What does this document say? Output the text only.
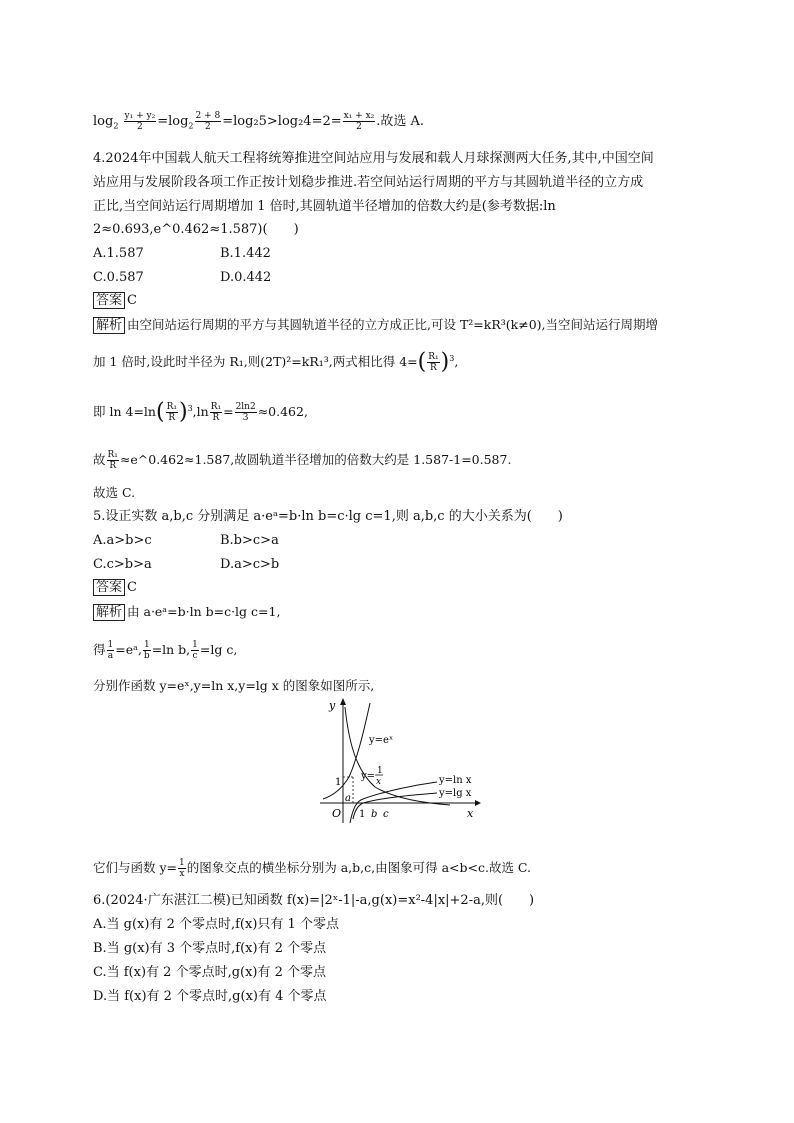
$\log_2 \frac{\text{y₁ + y₂}}{2} =\log_2 \frac{2 + 8}{2} =\log_25>\log_24=2= \frac{\text{x₁ + x₂}}{2}$ .故选 A.
4.2024年中国载人航天工程将统筹推进空间站应用与发展和载人月球探测两大任务,其中,中国空间
站应用与发展阶段各项工作正按计划稳步推进.若空间站运行周期的平方与其圆轨道半径的立方成
正比,当空间站运行周期增加 1 倍时,其圆轨道半径增加的倍数大约是(参考数据:ln
2≈0.693,e^0.462≈1.587)(　　)
A.1.587	B.1.442
C.0.587	D.0.442
答案 C
解析 由空间站运行周期的平方与其圆轨道半径的立方成正比,可设 T²=kR³(k≠0),当空间站运行周期增
加 1 倍时,设此时半径为 R₁,则(2T)²=kR₁³,两式相比得 $4=( \frac{\text{R₁}}{R} )^3$,
即 $\ln 4=\ln( \frac{\text{R₁}}{R} )^3,\ln \frac{\text{R₁}}{R} = \frac{2\ln 2}{3} \approx 0.462$,
故 $\frac{\text{R₁}}{R}$ ≈e^0.462≈1.587,故圆轨道半径增加的倍数大约是 1.587-1=0.587.
故选 C.
5.设正实数 a,b,c 分别满足 a·eᵃ=b·ln b=c·lg c=1,则 a,b,c 的大小关系为(　　)
A.a>b>c	B.b>c>a
C.c>b>a	D.a>c>b
答案 C
解析 由 a·eᵃ=b·ln b=c·lg c=1,
得 $\frac{1}{a}$ =eᵃ, $\frac{1}{b} =\ln$ b, $\frac{1}{c} =\lg$ c,
分别作函数 y=eˣ,y=ln x,y=lg x 的图象如图所示,
y
x
O
1
a
1 b c
y=eˣ
y= 1
x	y=ln x
y=lg x
它们与函数 $y= \frac{1}{x}$ 的图象交点的横坐标分别为 a,b,c,由图象可得 a<b<c.故选 C.
6.(2024·广东湛江二模)已知函数 f(x)=|2ˣ-1|-a,g(x)=x²-4|x|+2-a,则(　　)
A.当 g(x)有 2 个零点时,f(x)只有 1 个零点
B.当 g(x)有 3 个零点时,f(x)有 2 个零点
C.当 f(x)有 2 个零点时,g(x)有 2 个零点
D.当 f(x)有 2 个零点时,g(x)有 4 个零点
